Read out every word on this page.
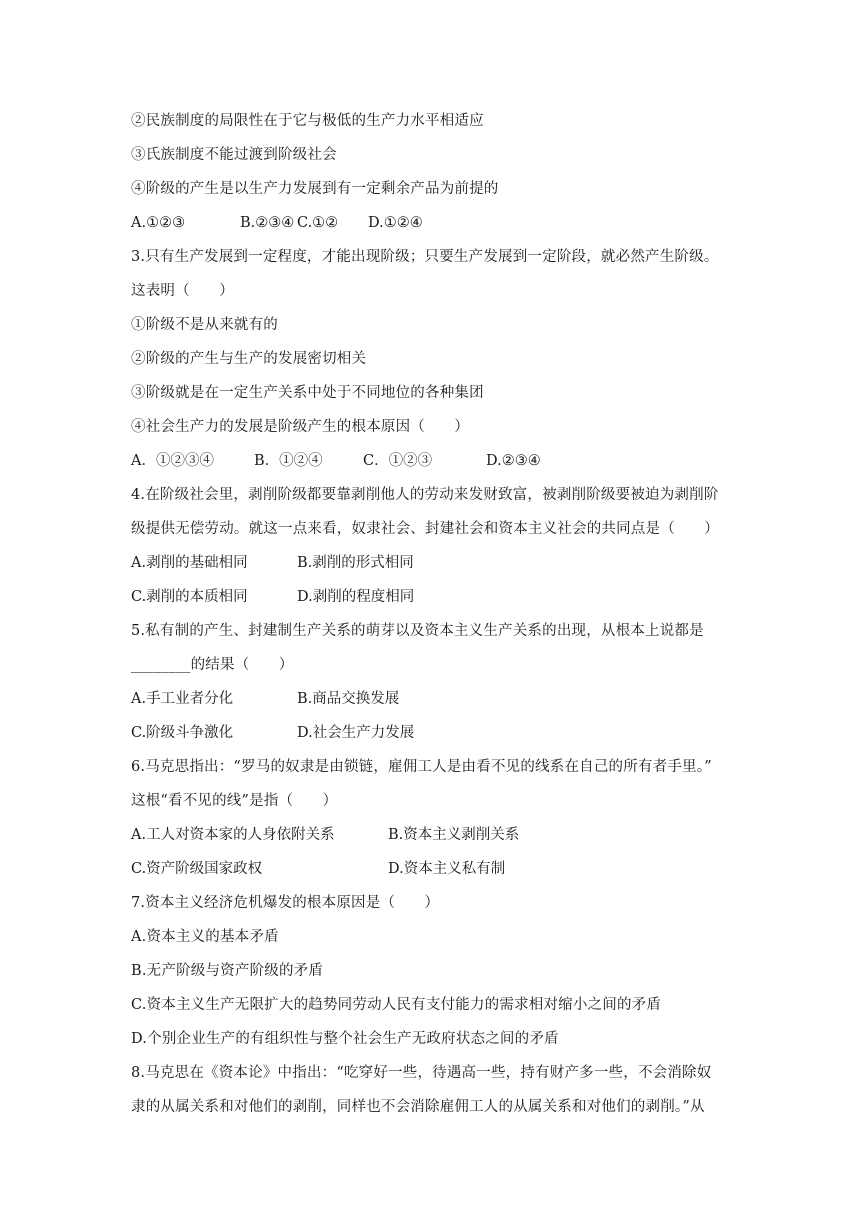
②民族制度的局限性在于它与极低的生产力水平相适应
③氏族制度不能过渡到阶级社会
④阶级的产生是以生产力发展到有一定剩余产品为前提的

A.①②③

	B.②③④

C.①②

D.①②④

3.只有生产发展到一定程度，才能出现阶级；只要生产发展到一定阶段，就必然产生阶级。
这表明（　　）
①阶级不是从来就有的
②阶级的产生与生产的发展密切相关
③阶级就是在一定生产关系中处于不同地位的各种集团
④社会生产力的发展是阶级产生的根本原因（　　）

A．①②③④

	B．①②④

	C．①②③

	D.②③④

4.在阶级社会里，剥削阶级都要靠剥削他人的劳动来发财致富，被剥削阶级要被迫为剥削阶
级提供无偿劳动。就这一点来看，奴隶社会、封建社会和资本主义社会的共同点是（　　）

A.剥削的基础相同

	B.剥削的形式相同

C.剥削的本质相同

	D.剥削的程度相同

5.私有制的产生、封建制生产关系的萌芽以及资本主义生产关系的出现，从根本上说都是
________的结果（　　）

A.手工业者分化

	B.商品交换发展

C.阶级斗争激化

	D.社会生产力发展

6.马克思指出：“罗马的奴隶是由锁链，雇佣工人是由看不见的线系在自己的所有者手里。”
这根“看不见的线”是指（　　）

A.工人对资本家的人身依附关系

	B.资本主义剥削关系

C.资产阶级国家政权

	D.资本主义私有制

7.资本主义经济危机爆发的根本原因是（　　）
A.资本主义的基本矛盾
B.无产阶级与资产阶级的矛盾
C.资本主义生产无限扩大的趋势同劳动人民有支付能力的需求相对缩小之间的矛盾
D.个别企业生产的有组织性与整个社会生产无政府状态之间的矛盾
8.马克思在《资本论》中指出：“吃穿好一些，待遇高一些，持有财产多一些，不会消除奴
隶的从属关系和对他们的剥削，同样也不会消除雇佣工人的从属关系和对他们的剥削。”从
